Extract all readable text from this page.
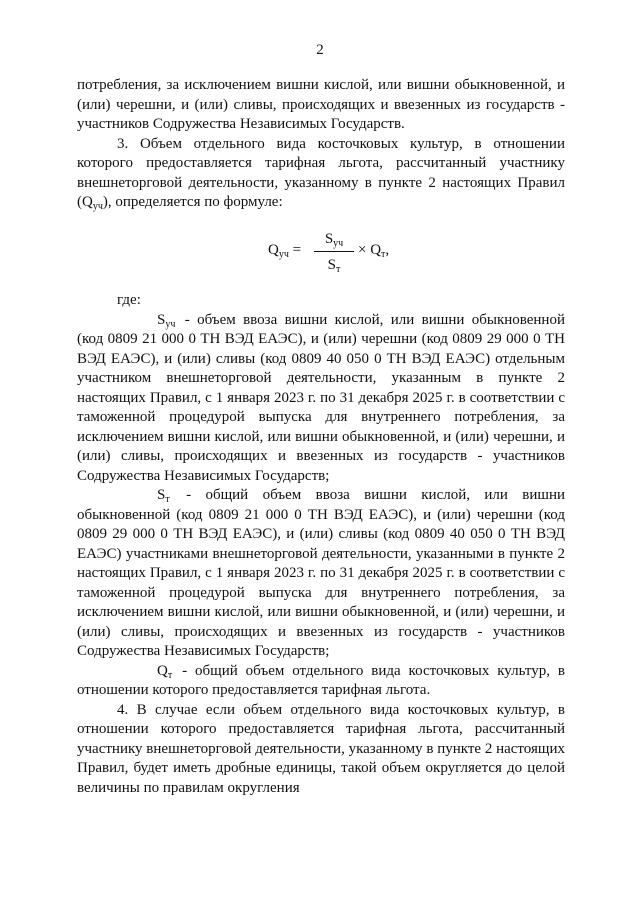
2

потребления, за исключением вишни кислой, или вишни обыкновенной, и (или) черешни, и (или) сливы, происходящих и ввезенных из государств - участников Содружества Независимых Государств.

3. Объем отдельного вида косточковых культур, в отношении которого предоставляется тарифная льгота, рассчитанный участнику внешнеторговой деятельности, указанному в пункте 2 настоящих Правил $(Q_{уч})$, определяется по формуле:

$Q_{уч}$ =
$S_{уч}$
$S_т$
× $Q_т$,

где:

$S_{уч}$ - объем ввоза вишни кислой, или вишни обыкновенной (код 0809 21 000 0 ТН ВЭД ЕАЭС), и (или) черешни (код 0809 29 000 0 ТН ВЭД ЕАЭС), и (или) сливы (код 0809 40 050 0 ТН ВЭД ЕАЭС) отдельным участником внешнеторговой деятельности, указанным в пункте 2 настоящих Правил, с 1 января 2023 г. по 31 декабря 2025 г. в соответствии с таможенной процедурой выпуска для внутреннего потребления, за исключением вишни кислой, или вишни обыкновенной, и (или) черешни, и (или) сливы, происходящих и ввезенных из государств - участников Содружества Независимых Государств;

$S_т$ - общий объем ввоза вишни кислой, или вишни обыкновенной (код 0809 21 000 0 ТН ВЭД ЕАЭС), и (или) черешни (код 0809 29 000 0 ТН ВЭД ЕАЭС), и (или) сливы (код 0809 40 050 0 ТН ВЭД ЕАЭС) участниками внешнеторговой деятельности, указанными в пункте 2 настоящих Правил, с 1 января 2023 г. по 31 декабря 2025 г. в соответствии с таможенной процедурой выпуска для внутреннего потребления, за исключением вишни кислой, или вишни обыкновенной, и (или) черешни, и (или) сливы, происходящих и ввезенных из государств - участников Содружества Независимых Государств;

$Q_т$ - общий объем отдельного вида косточковых культур, в отношении которого предоставляется тарифная льгота.

4. В случае если объем отдельного вида косточковых культур, в отношении которого предоставляется тарифная льгота, рассчитанный участнику внешнеторговой деятельности, указанному в пункте 2 настоящих Правил, будет иметь дробные единицы, такой объем округляется до целой величины по правилам округления
